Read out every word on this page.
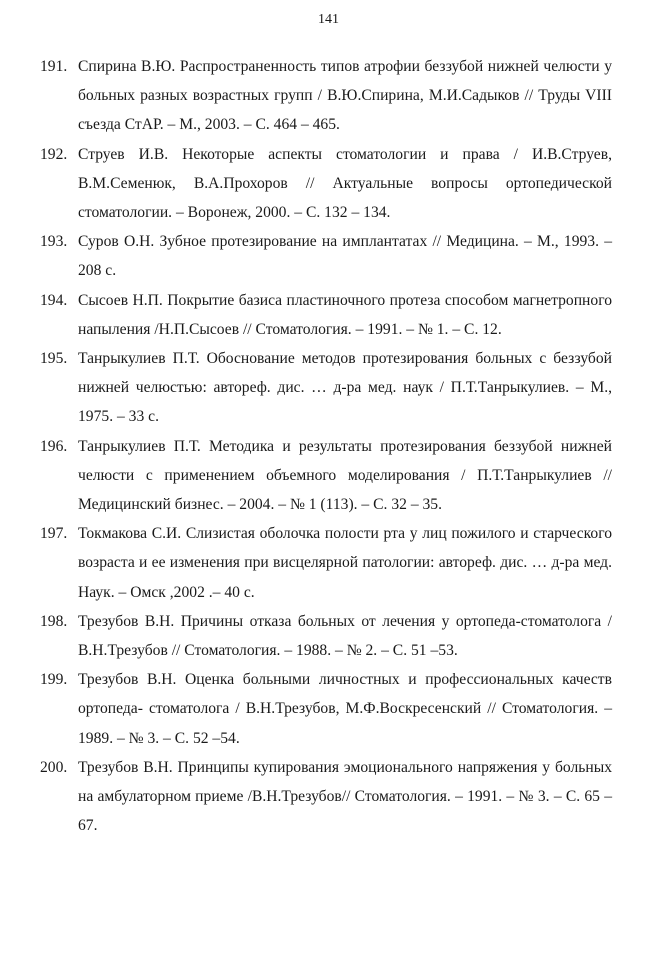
141
191. Спирина В.Ю. Распространенность типов атрофии беззубой нижней челюсти у больных разных возрастных групп / В.Ю.Спирина, М.И.Садыков // Труды VIII съезда СтАР. – М., 2003. – С. 464 – 465.
192. Струев И.В. Некоторые аспекты стоматологии и права / И.В.Струев, В.М.Семенюк, В.А.Прохоров // Актуальные вопросы ортопедической стоматологии. – Воронеж, 2000. – С. 132 – 134.
193. Суров О.Н. Зубное протезирование на имплантатах // Медицина. – М., 1993. – 208 с.
194. Сысоев Н.П. Покрытие базиса пластиночного протеза способом магнетропного напыления /Н.П.Сысоев // Стоматология. – 1991. – № 1. – С. 12.
195. Танрыкулиев П.Т. Обоснование методов протезирования больных с беззубой нижней челюстью: автореф. дис. … д-ра мед. наук / П.Т.Танрыкулиев. – М., 1975. – 33 с.
196. Танрыкулиев П.Т. Методика и результаты протезирования беззубой нижней челюсти с применением объемного моделирования / П.Т.Танрыкулиев // Медицинский бизнес. – 2004. – № 1 (113). – С. 32 – 35.
197. Токмакова С.И. Слизистая оболочка полости рта у лиц пожилого и старческого возраста и ее изменения при висцелярной патологии: автореф. дис. … д-ра мед. Наук. – Омск ,2002 .– 40 с.
198. Трезубов В.Н. Причины отказа больных от лечения у ортопеда-стоматолога /В.Н.Трезубов // Стоматология. – 1988. – № 2. – С. 51 –53.
199. Трезубов В.Н. Оценка больными личностных и профессиональных качеств ортопеда- стоматолога / В.Н.Трезубов, М.Ф.Воскресенский // Стоматология. – 1989. – № 3. – С. 52 –54.
200. Трезубов В.Н. Принципы купирования эмоционального напряжения у больных на амбулаторном приеме /В.Н.Трезубов// Стоматология. – 1991. – № 3. – С. 65 – 67.
